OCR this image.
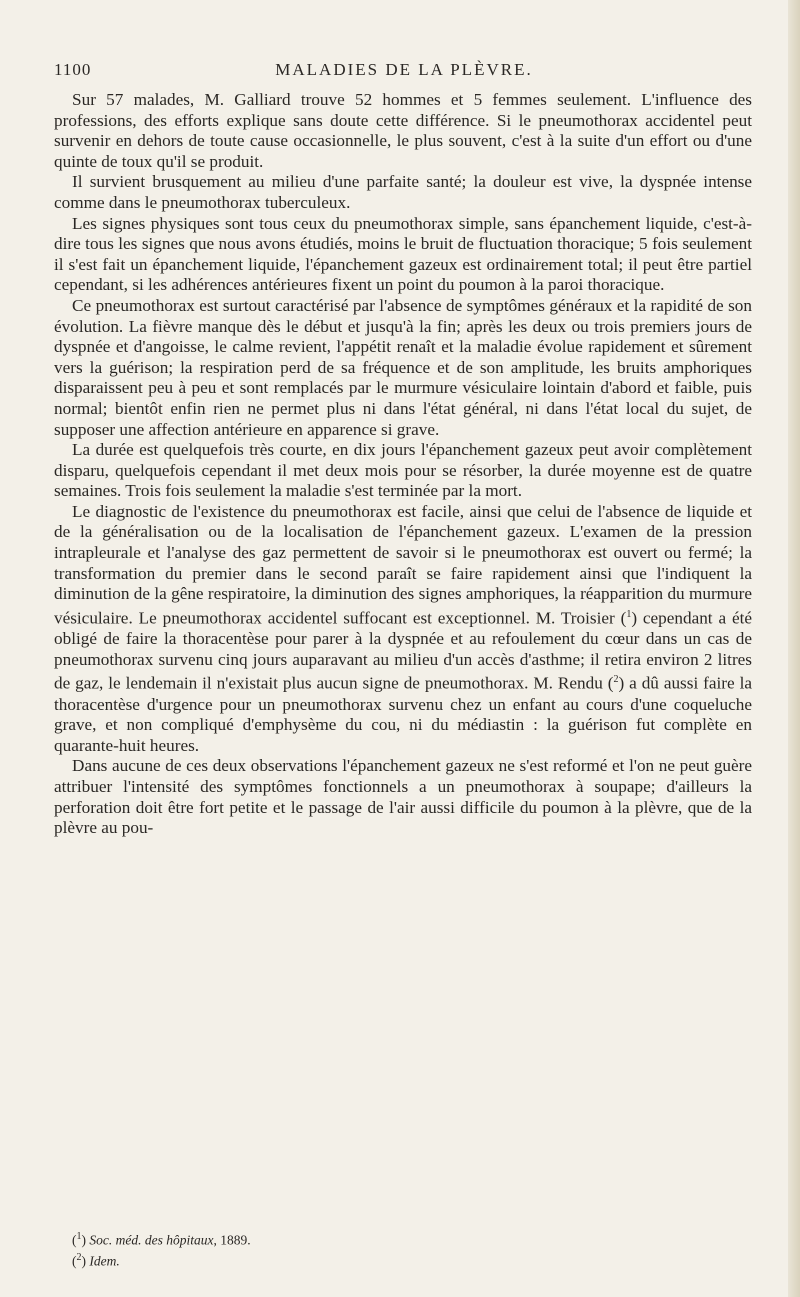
1100	MALADIES DE LA PLÈVRE.

Sur 57 malades, M. Galliard trouve 52 hommes et 5 femmes seulement. L'influence des professions, des efforts explique sans doute cette différence. Si le pneumothorax accidentel peut survenir en dehors de toute cause occasionnelle, le plus souvent, c'est à la suite d'un effort ou d'une quinte de toux qu'il se produit.

Il survient brusquement au milieu d'une parfaite santé; la douleur est vive, la dyspnée intense comme dans le pneumothorax tuberculeux.

Les signes physiques sont tous ceux du pneumothorax simple, sans épanchement liquide, c'est-à-dire tous les signes que nous avons étudiés, moins le bruit de fluctuation thoracique; 5 fois seulement il s'est fait un épanchement liquide, l'épanchement gazeux est ordinairement total; il peut être partiel cependant, si les adhérences antérieures fixent un point du poumon à la paroi thoracique.

Ce pneumothorax est surtout caractérisé par l'absence de symptômes généraux et la rapidité de son évolution. La fièvre manque dès le début et jusqu'à la fin; après les deux ou trois premiers jours de dyspnée et d'angoisse, le calme revient, l'appétit renaît et la maladie évolue rapidement et sûrement vers la guérison; la respiration perd de sa fréquence et de son amplitude, les bruits amphoriques disparaissent peu à peu et sont remplacés par le murmure vésiculaire lointain d'abord et faible, puis normal; bientôt enfin rien ne permet plus ni dans l'état général, ni dans l'état local du sujet, de supposer une affection antérieure en apparence si grave.

La durée est quelquefois très courte, en dix jours l'épanchement gazeux peut avoir complètement disparu, quelquefois cependant il met deux mois pour se résorber, la durée moyenne est de quatre semaines. Trois fois seulement la maladie s'est terminée par la mort.

Le diagnostic de l'existence du pneumothorax est facile, ainsi que celui de l'absence de liquide et de la généralisation ou de la localisation de l'épanchement gazeux. L'examen de la pression intrapleurale et l'analyse des gaz permettent de savoir si le pneumothorax est ouvert ou fermé; la transformation du premier dans le second paraît se faire rapidement ainsi que l'indiquent la diminution de la gêne respiratoire, la diminution des signes amphoriques, la réapparition du murmure vésiculaire. Le pneumothorax accidentel suffocant est exceptionnel. M. Troisier ($^1$) cependant a été obligé de faire la thoracentèse pour parer à la dyspnée et au refoulement du cœur dans un cas de pneumothorax survenu cinq jours auparavant au milieu d'un accès d'asthme; il retira environ 2 litres de gaz, le lendemain il n'existait plus aucun signe de pneumothorax. M. Rendu ($^2$) a dû aussi faire la thoracentèse d'urgence pour un pneumothorax survenu chez un enfant au cours d'une coqueluche grave, et non compliqué d'emphysème du cou, ni du médiastin : la guérison fut complète en quarante-huit heures.

Dans aucune de ces deux observations l'épanchement gazeux ne s'est reformé et l'on ne peut guère attribuer l'intensité des symptômes fonctionnels a un pneumothorax à soupape; d'ailleurs la perforation doit être fort petite et le passage de l'air aussi difficile du poumon à la plèvre, que de la plèvre au pou-

($^1$) Soc. méd. des hôpitaux, 1889.
($^2$) Idem.
